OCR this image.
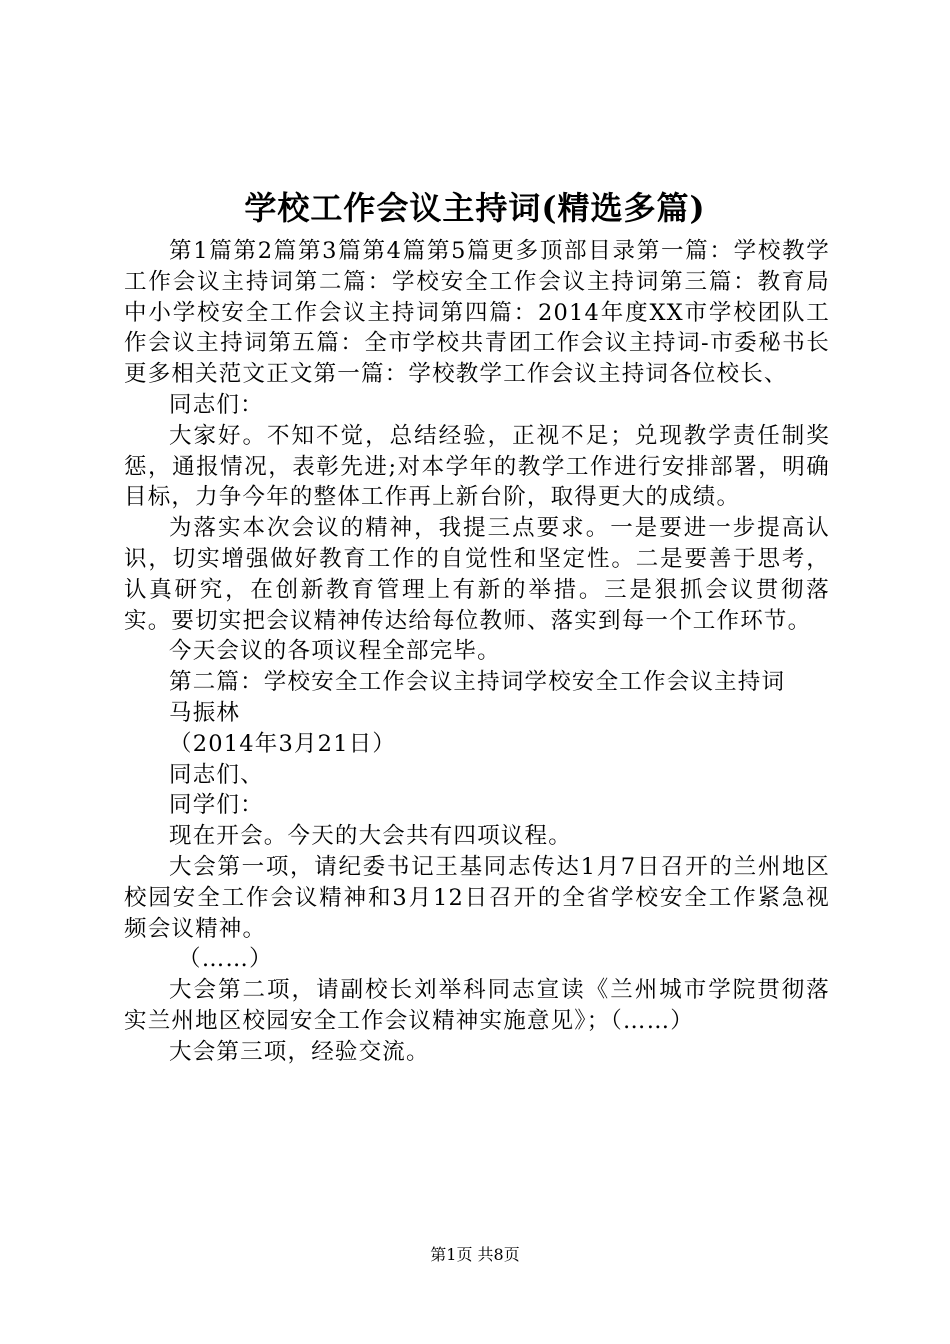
学校工作会议主持词(精选多篇)

第1篇第2篇第3篇第4篇第5篇更多顶部目录第一篇：学校教学工作会议主持词第二篇：学校安全工作会议主持词第三篇：教育局中小学校安全工作会议主持词第四篇：2014年度XX市学校团队工作会议主持词第五篇：全市学校共青团工作会议主持词-市委秘书长更多相关范文正文第一篇：学校教学工作会议主持词各位校长、

同志们：

大家好。不知不觉，总结经验，正视不足；兑现教学责任制奖惩，通报情况，表彰先进;对本学年的教学工作进行安排部署，明确目标，力争今年的整体工作再上新台阶，取得更大的成绩。

为落实本次会议的精神，我提三点要求。一是要进一步提高认识，切实增强做好教育工作的自觉性和坚定性。二是要善于思考，认真研究，在创新教育管理上有新的举措。三是狠抓会议贯彻落实。要切实把会议精神传达给每位教师、落实到每一个工作环节。

今天会议的各项议程全部完毕。

第二篇：学校安全工作会议主持词学校安全工作会议主持词

马振林

（2014年3月21日）

同志们、

同学们：

现在开会。今天的大会共有四项议程。

大会第一项，请纪委书记王基同志传达1月7日召开的兰州地区校园安全工作会议精神和3月12日召开的全省学校安全工作紧急视频会议精神。

（……）

大会第二项，请副校长刘举科同志宣读《兰州城市学院贯彻落实兰州地区校园安全工作会议精神实施意见》；（……）

大会第三项，经验交流。

第1页 共8页
